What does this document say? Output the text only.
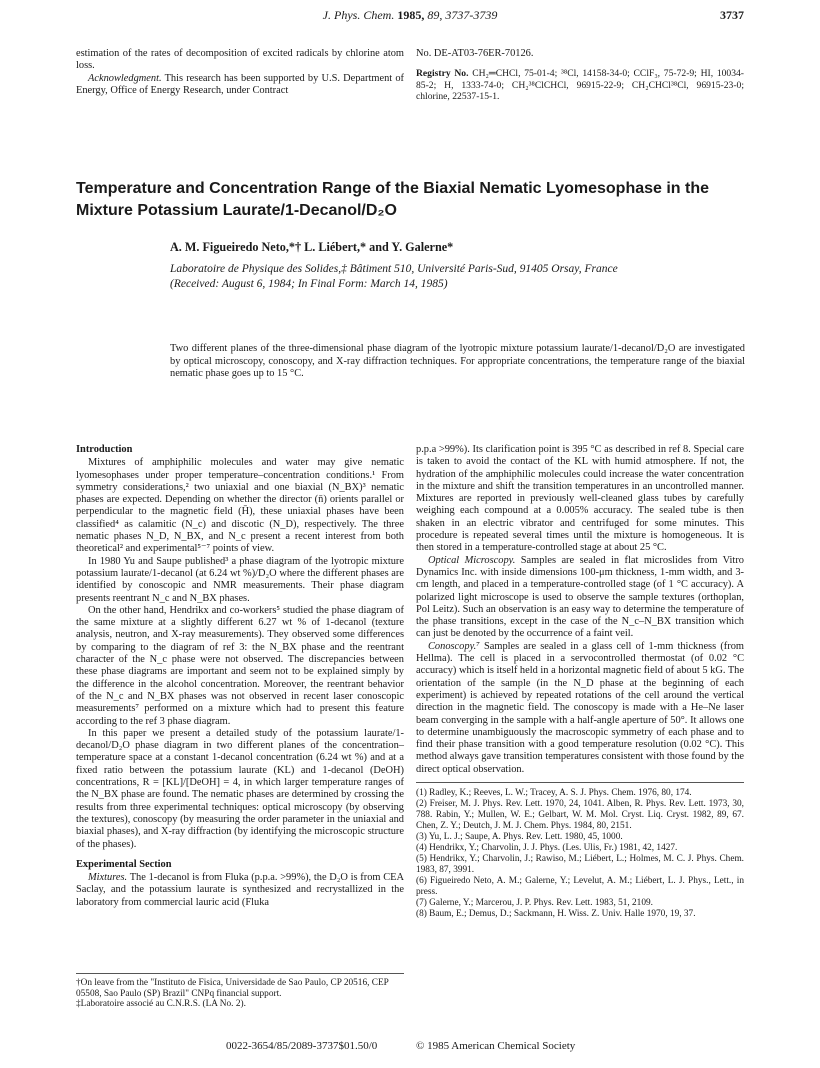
J. Phys. Chem. 1985, 89, 3737-3739	3737

estimation of the rates of decomposition of excited radicals by chlorine atom loss.

Acknowledgment. This research has been supported by U.S. Department of Energy, Office of Energy Research, under Contract

No. DE-AT03-76ER-70126.

Registry No. CH₂═CHCl, 75-01-4; ³⁸Cl, 14158-34-0; CClF₃, 75-72-9; HI, 10034-85-2; H, 1333-74-0; CH₂³⁸ClCHCl, 96915-22-9; CH₂CHCl³⁸Cl, 96915-23-0; chlorine, 22537-15-1.

Temperature and Concentration Range of the Biaxial Nematic Lyomesophase in the Mixture Potassium Laurate/1-Decanol/D₂O
A. M. Figueiredo Neto,*† L. Liébert,* and Y. Galerne*
Laboratoire de Physique des Solides,‡ Bâtiment 510, Université Paris-Sud, 91405 Orsay, France
(Received: August 6, 1984; In Final Form: March 14, 1985)
Two different planes of the three-dimensional phase diagram of the lyotropic mixture potassium laurate/1-decanol/D₂O are investigated by optical microscopy, conoscopy, and X-ray diffraction techniques. For appropriate concentrations, the temperature range of the biaxial nematic phase goes up to 15 °C.
Introduction

Mixtures of amphiphilic molecules and water may give nematic lyomesophases under proper temperature–concentration conditions.¹ From symmetry considerations,² two uniaxial and one biaxial (N_BX)³ nematic phases are expected. Depending on whether the director (n̄) orients parallel or perpendicular to the magnetic field (H̄), these uniaxial phases have been classified⁴ as calamitic (N_c) and discotic (N_D), respectively. The three nematic phases N_D, N_BX, and N_c present a recent interest from both theoretical² and experimental⁵⁻⁷ points of view.

In 1980 Yu and Saupe published³ a phase diagram of the lyotropic mixture potassium laurate/1-decanol (at 6.24 wt %)/D₂O where the different phases are identified by conoscopic and NMR measurements. Their phase diagram presents reentrant N_c and N_BX phases.

On the other hand, Hendrikx and co-workers⁵ studied the phase diagram of the same mixture at a slightly different 6.27 wt % of 1-decanol (texture analysis, neutron, and X-ray measurements). They observed some differences by comparing to the diagram of ref 3: the N_BX phase and the reentrant character of the N_c phase were not observed. The discrepancies between these phase diagrams are important and seem not to be explained simply by the difference in the alcohol concentration. Moreover, the reentrant behavior of the N_c and N_BX phases was not observed in recent laser conoscopic measurements⁷ performed on a mixture which had to present this feature according to the ref 3 phase diagram.

In this paper we present a detailed study of the potassium laurate/1-decanol/D₂O phase diagram in two different planes of the concentration–temperature space at a constant 1-decanol concentration (6.24 wt %) and at a fixed ratio between the potassium laurate (KL) and 1-decanol (DeOH) concentrations, R = [KL]/[DeOH] = 4, in which larger temperature ranges of the N_BX phase are found. The nematic phases are determined by crossing the results from three experimental techniques: optical microscopy (by observing the textures), conoscopy (by measuring the order parameter in the uniaxial and biaxial phases), and X-ray diffraction (by identifying the microscopic structure of the phases).

Experimental Section

Mixtures. The 1-decanol is from Fluka (p.p.a. >99%), the D₂O is from CEA Saclay, and the potassium laurate is synthesized and recrystallized in the laboratory from commercial lauric acid (Fluka

p.p.a >99%). Its clarification point is 395 °C as described in ref 8. Special care is taken to avoid the contact of the KL with humid atmosphere. If not, the hydration of the amphiphilic molecules could increase the water concentration in the mixture and shift the transition temperatures in an uncontrolled manner. Mixtures are reported in previously well-cleaned glass tubes by carefully weighing each compound at a 0.005% accuracy. The sealed tube is then shaken in an electric vibrator and centrifuged for some minutes. This procedure is repeated several times until the mixture is homogeneous. It is then stored in a temperature-controlled stage at about 25 °C.

Optical Microscopy. Samples are sealed in flat microslides from Vitro Dynamics Inc. with inside dimensions 100-μm thickness, 1-mm width, and 3-cm length, and placed in a temperature-controlled stage (of 1 °C accuracy). A polarized light microscope is used to observe the sample textures (orthoplan, Pol Leitz). Such an observation is an easy way to determine the temperature of the phase transitions, except in the case of the N_c–N_BX transition which can just be denoted by the occurrence of a faint veil.

Conoscopy.⁷ Samples are sealed in a glass cell of 1-mm thickness (from Hellma). The cell is placed in a servocontrolled thermostat (of 0.02 °C accuracy) which is itself held in a horizontal magnetic field of about 5 kG. The orientation of the sample (in the N_D phase at the beginning of each experiment) is achieved by repeated rotations of the cell around the vertical direction in the magnetic field. The conoscopy is made with a He–Ne laser beam converging in the sample with a half-angle aperture of 50°. It allows one to determine unambiguously the macroscopic symmetry of each phase and to find their phase transition with a good temperature resolution (0.02 °C). This method always gave transition temperatures consistent with those found by the direct optical observation.

(1) Radley, K.; Reeves, L. W.; Tracey, A. S. J. Phys. Chem. 1976, 80, 174.
(2) Freiser, M. J. Phys. Rev. Lett. 1970, 24, 1041. Alben, R. Phys. Rev. Lett. 1973, 30, 788. Rabin, Y.; Mullen, W. E.; Gelbart, W. M. Mol. Cryst. Liq. Cryst. 1982, 89, 67. Chen, Z. Y.; Deutch, J. M. J. Chem. Phys. 1984, 80, 2151.
(3) Yu, L. J.; Saupe, A. Phys. Rev. Lett. 1980, 45, 1000.
(4) Hendrikx, Y.; Charvolin, J. J. Phys. (Les. Ulis, Fr.) 1981, 42, 1427.
(5) Hendrikx, Y.; Charvolin, J.; Rawiso, M.; Liébert, L.; Holmes, M. C. J. Phys. Chem. 1983, 87, 3991.
(6) Figueiredo Neto, A. M.; Galerne, Y.; Levelut, A. M.; Liébert, L. J. Phys., Lett., in press.
(7) Galerne, Y.; Marcerou, J. P. Phys. Rev. Lett. 1983, 51, 2109.
(8) Baum, E.; Demus, D.; Sackmann, H. Wiss. Z. Univ. Halle 1970, 19, 37.
†On leave from the "Instituto de Fisica, Universidade de Sao Paulo, CP 20516, CEP 05508, Sao Paulo (SP) Brazil" CNPq financial support.
‡Laboratoire associé au C.N.R.S. (LA No. 2).
0022-3654/85/2089-3737$01.50/0	© 1985 American Chemical Society
